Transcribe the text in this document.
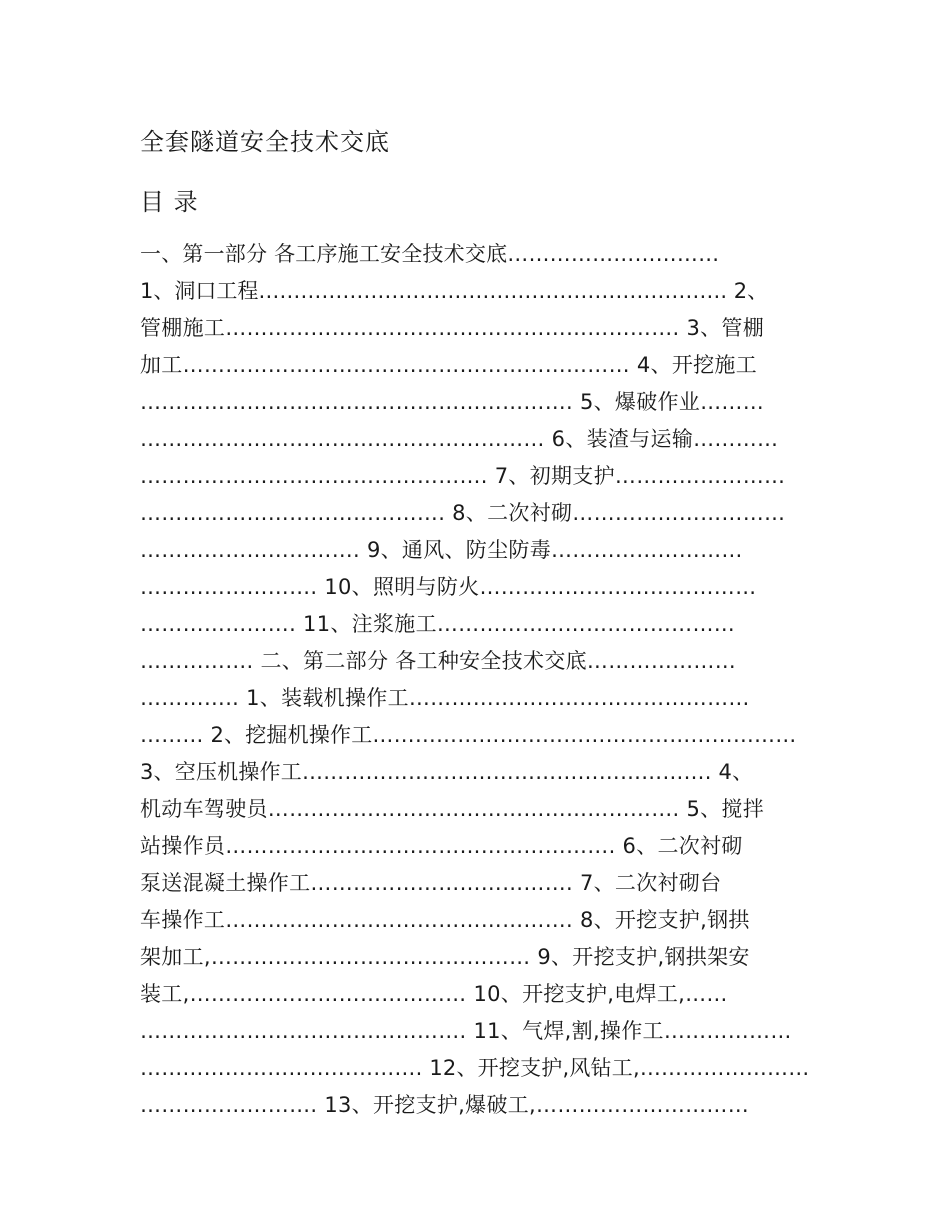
全套隧道安全技术交底
目 录
一、第一部分 各工序施工安全技术交底…………………………
1、洞口工程…………………………………………………………. 2、
管棚施工………………………………………………………. 3、管棚
加工……………………………………………………… 4、开挖施工
……………………………………………………. 5、爆破作业………
………………………………………………… 6、装渣与运输…………
…………………………………………. 7、初期支护……………………
……………………………………. 8、二次衬砌…………………………
…………………………. 9、通风、防尘防毒………………………
……………………. 10、照明与防火…………………………………
…………………. 11、注浆施工……………………………………
……………. 二、第二部分 各工种安全技术交底…………………
………….. 1、装载机操作工…………………………………………
……… 2、挖掘机操作工……………………………………………………
3、空压机操作工…………………………………………………. 4、
机动车驾驶员…………………………………………………. 5、搅拌
站操作员………………………………………………. 6、二次衬砌
泵送混凝土操作工………………………………. 7、二次衬砌台
车操作工…………………………………………. 8、开挖支护,钢拱
架加工,……………………………………… 9、开挖支护,钢拱架安
装工,………………………………… 10、开挖支护,电焊工,……
………………………………………. 11、气焊,割,操作工………………
…………………………………. 12、开挖支护,风钻工,……………………
……………………. 13、开挖支护,爆破工,…………………………
